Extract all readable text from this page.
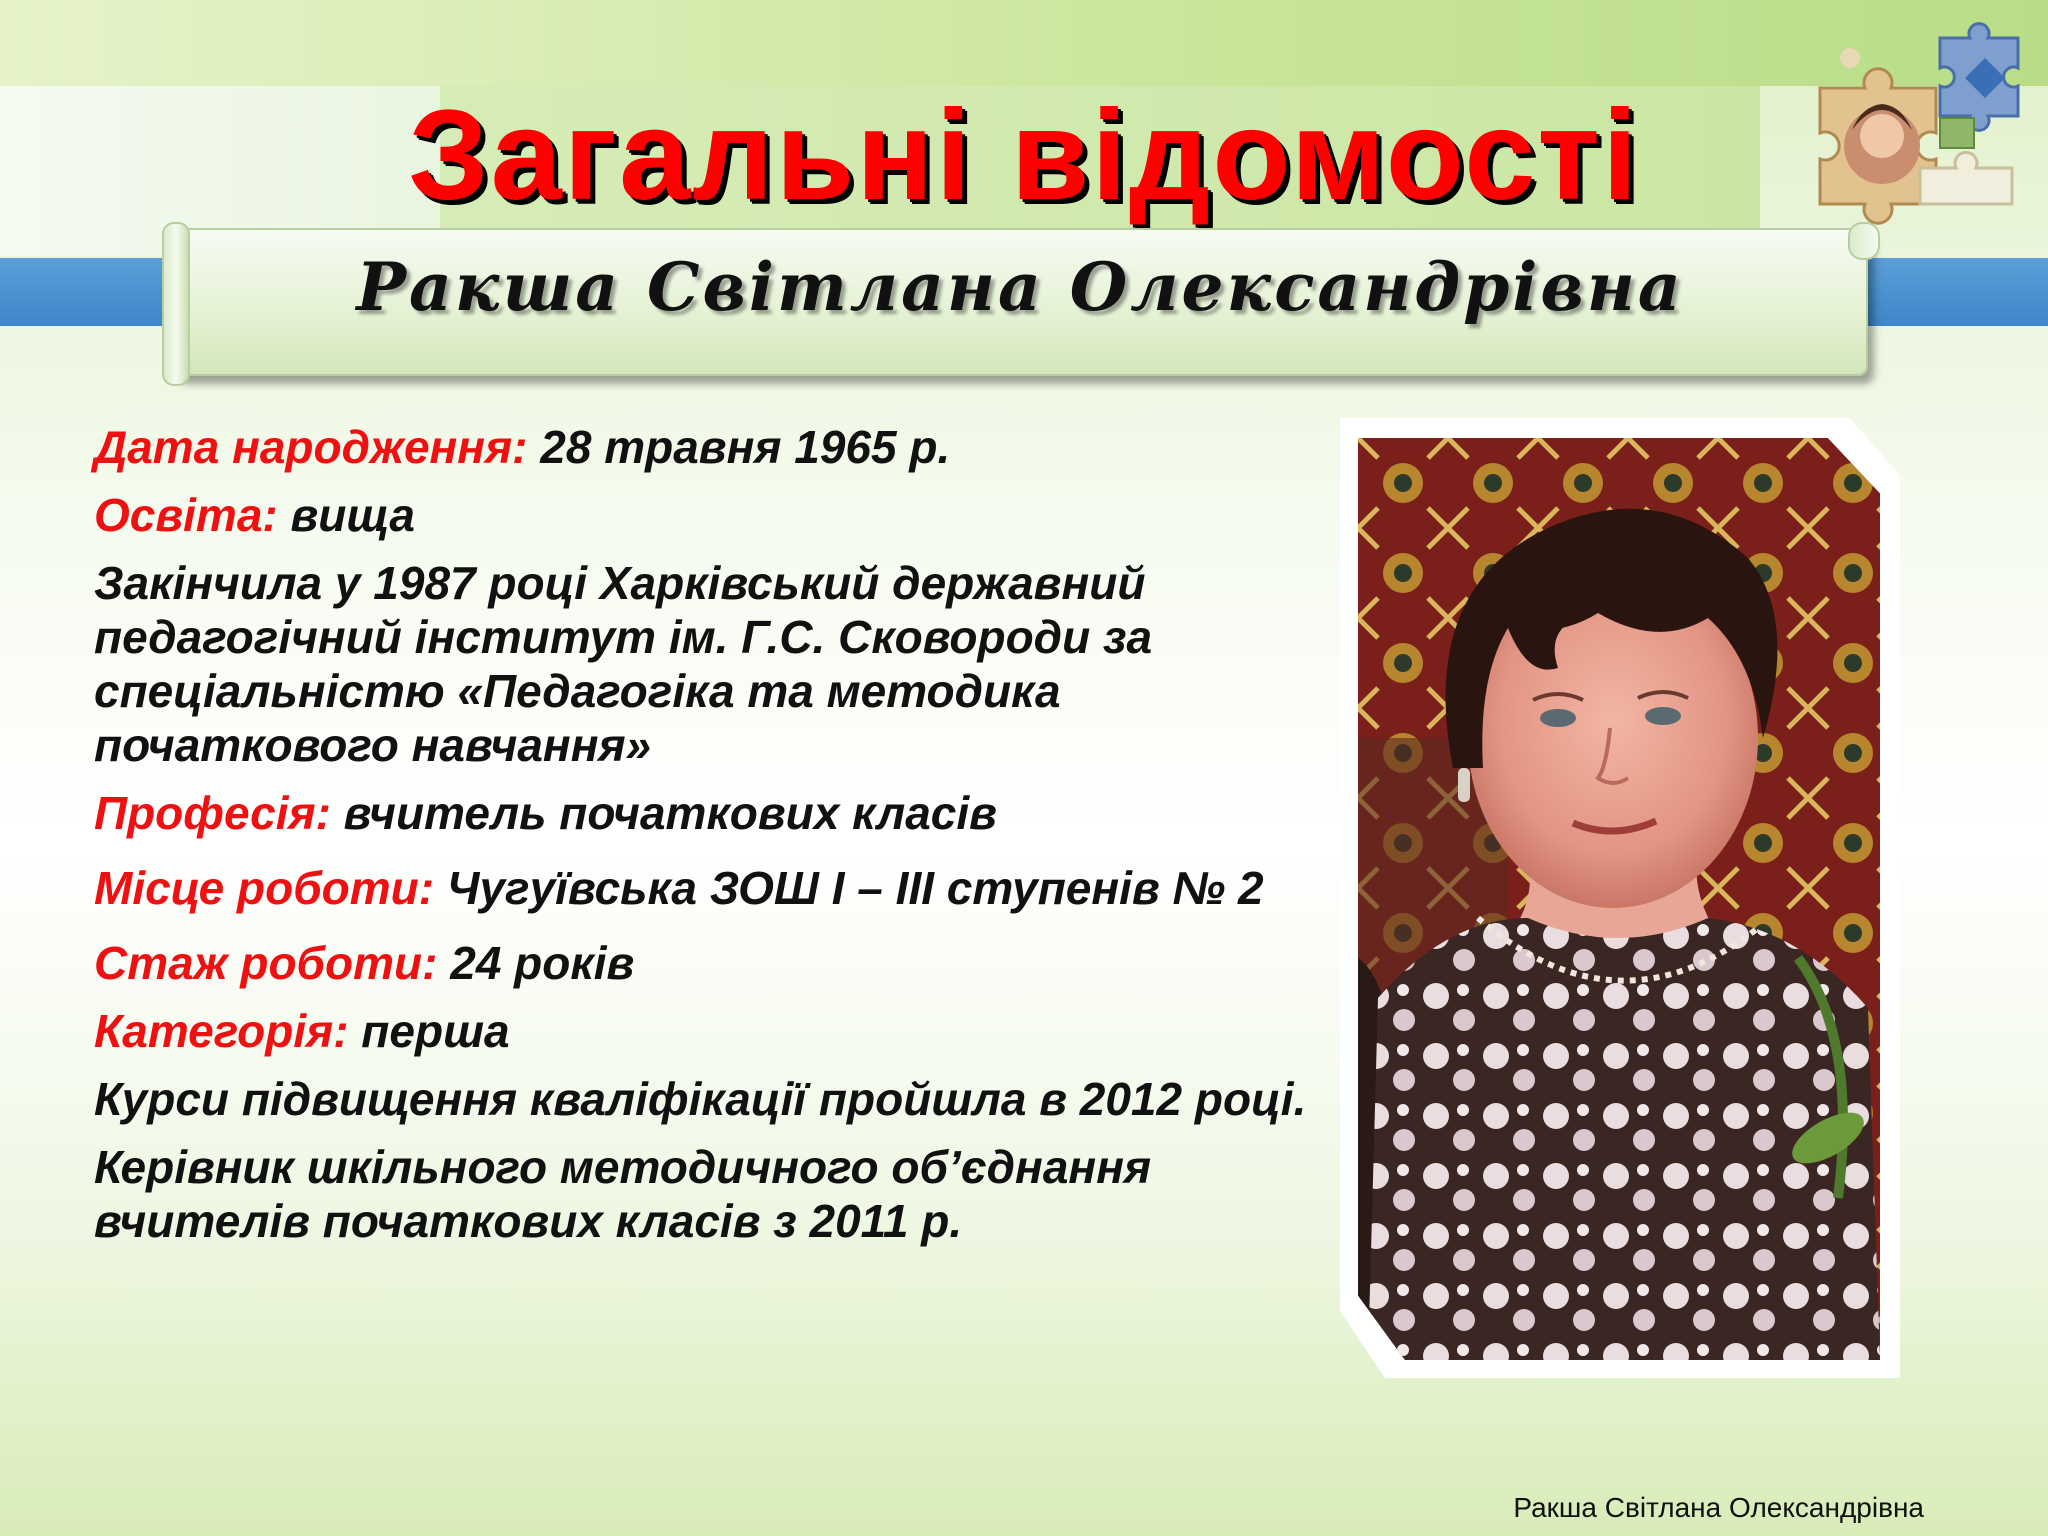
Загальні відомості
Ракша Світлана Олександрівна
Дата народження: 28 травня 1965 р.
Освіта: вища
Закінчила у 1987 році Харківський державний педагогічний інститут ім. Г.С. Сковороди за спеціальністю «Педагогіка та методика початкового навчання»
Професія: вчитель початкових класів
Місце роботи: Чугуївська ЗОШ І – ІІІ ступенів № 2
Стаж роботи: 24 років
Категорія: перша
Курси підвищення кваліфікації пройшла в 2012 році.
Керівник шкільного методичного об’єднання вчителів початкових класів з 2011 р.
Ракша Світлана Олександрівна
